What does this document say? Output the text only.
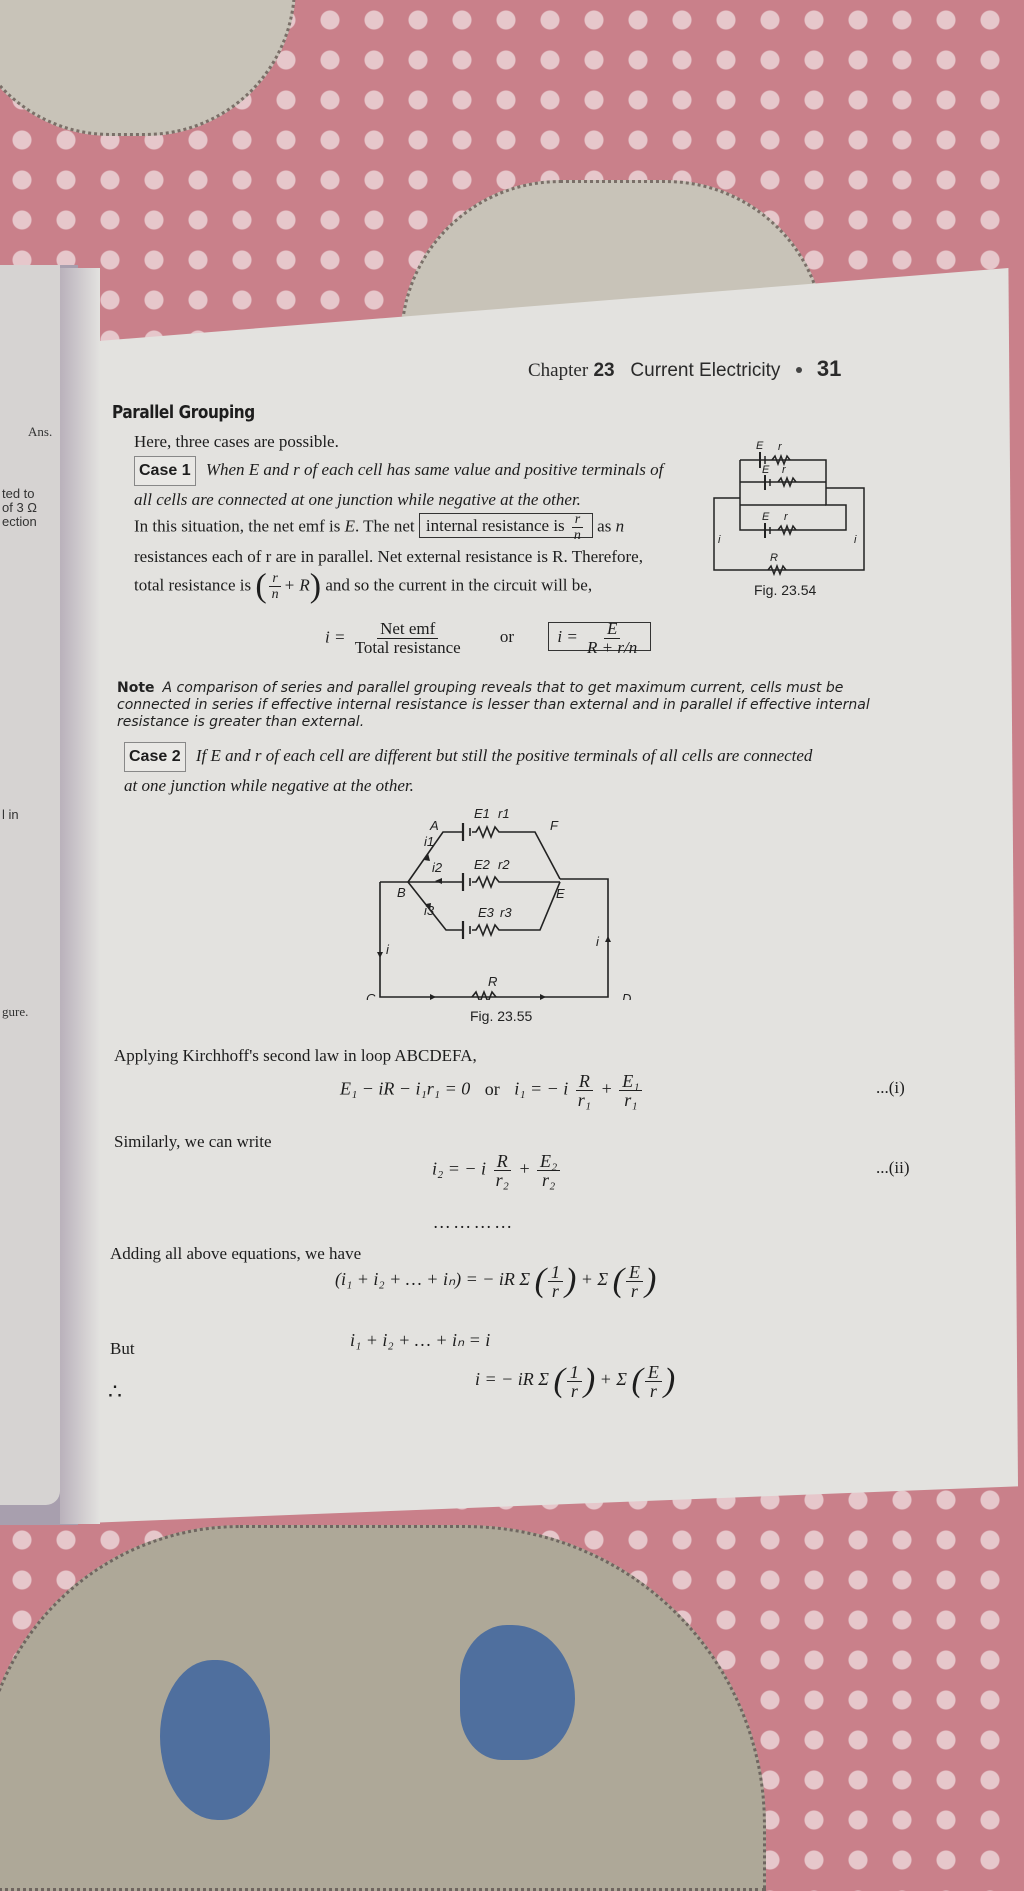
Ans.
ted to
of 3 Ω
ection
l in
gure.
Chapter 23 Current Electricity 31
Parallel Grouping
Here, three cases are possible.
Case 1 When E and r of each cell has same value and positive terminals of
all cells are connected at one junction while negative at the other.
In this situation, the net emf is E. The net internal resistance is $\frac{r}{n}$ as n
resistances each of r are in parallel. Net external resistance is R. Therefore,
total resistance is ( $\frac{r}{n} + R$) and so the current in the circuit will be,
$i = \frac{\text{Net emf}}{\text{Total resistance}}$ or	$i = \frac{E}{R + r/n}$
E r
E r
E r
R
i	i
Fig. 23.54
Note A comparison of series and parallel grouping reveals that to get maximum current, cells must be connected in series if effective internal resistance is lesser than external and in parallel if effective internal resistance is greater than external.
Case 2 If E and r of each cell are different but still the positive terminals of all cells are connected
at one junction while negative at the other.
A
B
C	D
E
F
E1 r1
E2 r2
E3 r3
i1
i2
i3
R
i
i
Fig. 23.55
Applying Kirchhoff's second law in loop ABCDEFA,
E₁ − iR − i₁r₁ = 0 or i₁ = − i $\frac{R}{\text{r₁}} + \frac{\text{E₁}}{\text{r₁}}$	...(i)
Similarly, we can write
i₂ = − i $\frac{R}{\text{r₂}} + \frac{\text{E₂}}{\text{r₂}}$	...(ii)
… … … …
Adding all above equations, we have
(i₁ + i₂ + … + iₙ) = − iR Σ ( $\frac{1}{r}$ ) + Σ ( $\frac{E}{r}$ )
But	i₁ + i₂ + … + iₙ = i
∴	i = − iR Σ ( $\frac{1}{r}$ ) + Σ ( $\frac{E}{r}$ )
